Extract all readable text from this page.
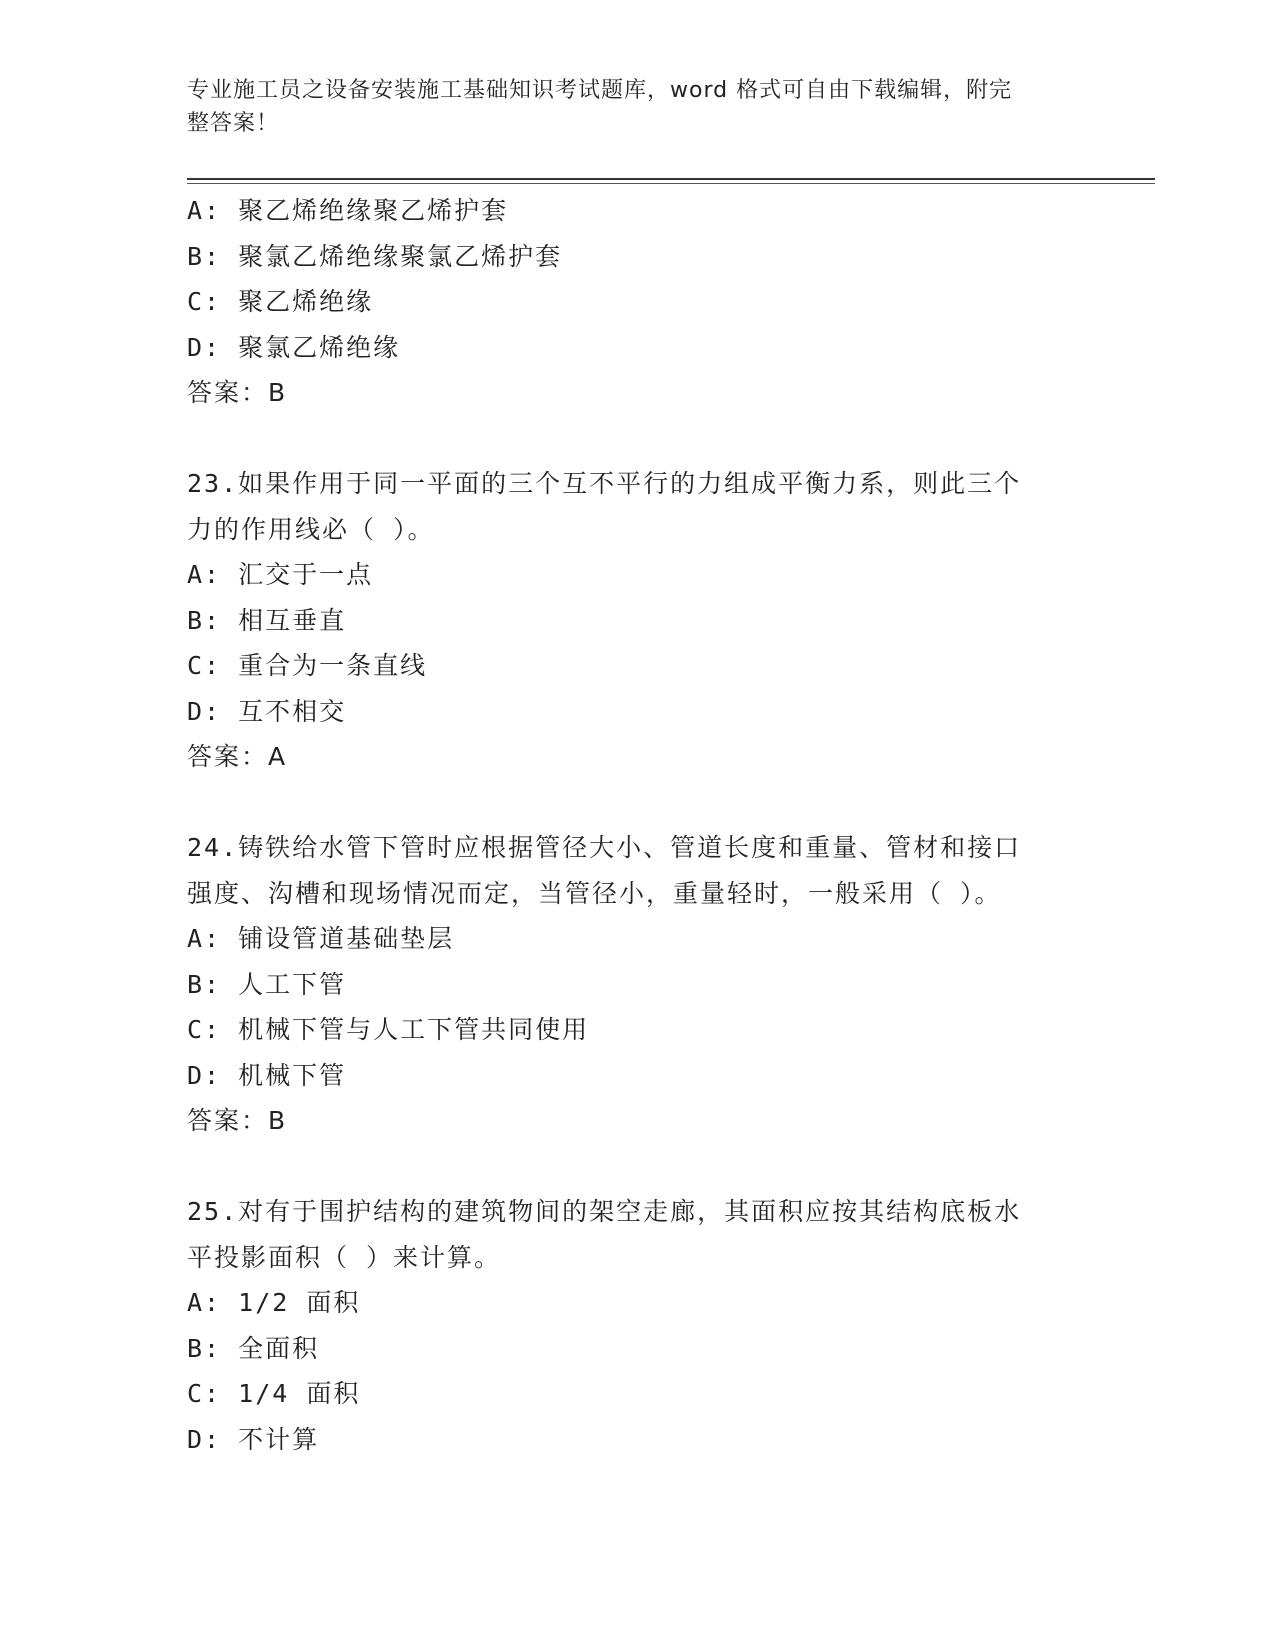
专业施工员之设备安装施工基础知识考试题库，word 格式可自由下载编辑，附完
整答案！
A: 聚乙烯绝缘聚乙烯护套
B: 聚氯乙烯绝缘聚氯乙烯护套
C: 聚乙烯绝缘
D: 聚氯乙烯绝缘
答案：B
23.如果作用于同一平面的三个互不平行的力组成平衡力系，则此三个
力的作用线必（ ）。
A: 汇交于一点
B: 相互垂直
C: 重合为一条直线
D: 互不相交
答案：A
24.铸铁给水管下管时应根据管径大小、管道长度和重量、管材和接口
强度、沟槽和现场情况而定，当管径小，重量轻时，一般采用（ ）。
A: 铺设管道基础垫层
B: 人工下管
C: 机械下管与人工下管共同使用
D: 机械下管
答案：B
25.对有于围护结构的建筑物间的架空走廊，其面积应按其结构底板水
平投影面积（ ）来计算。
A: 1/2 面积
B: 全面积
C: 1/4 面积
D: 不计算
